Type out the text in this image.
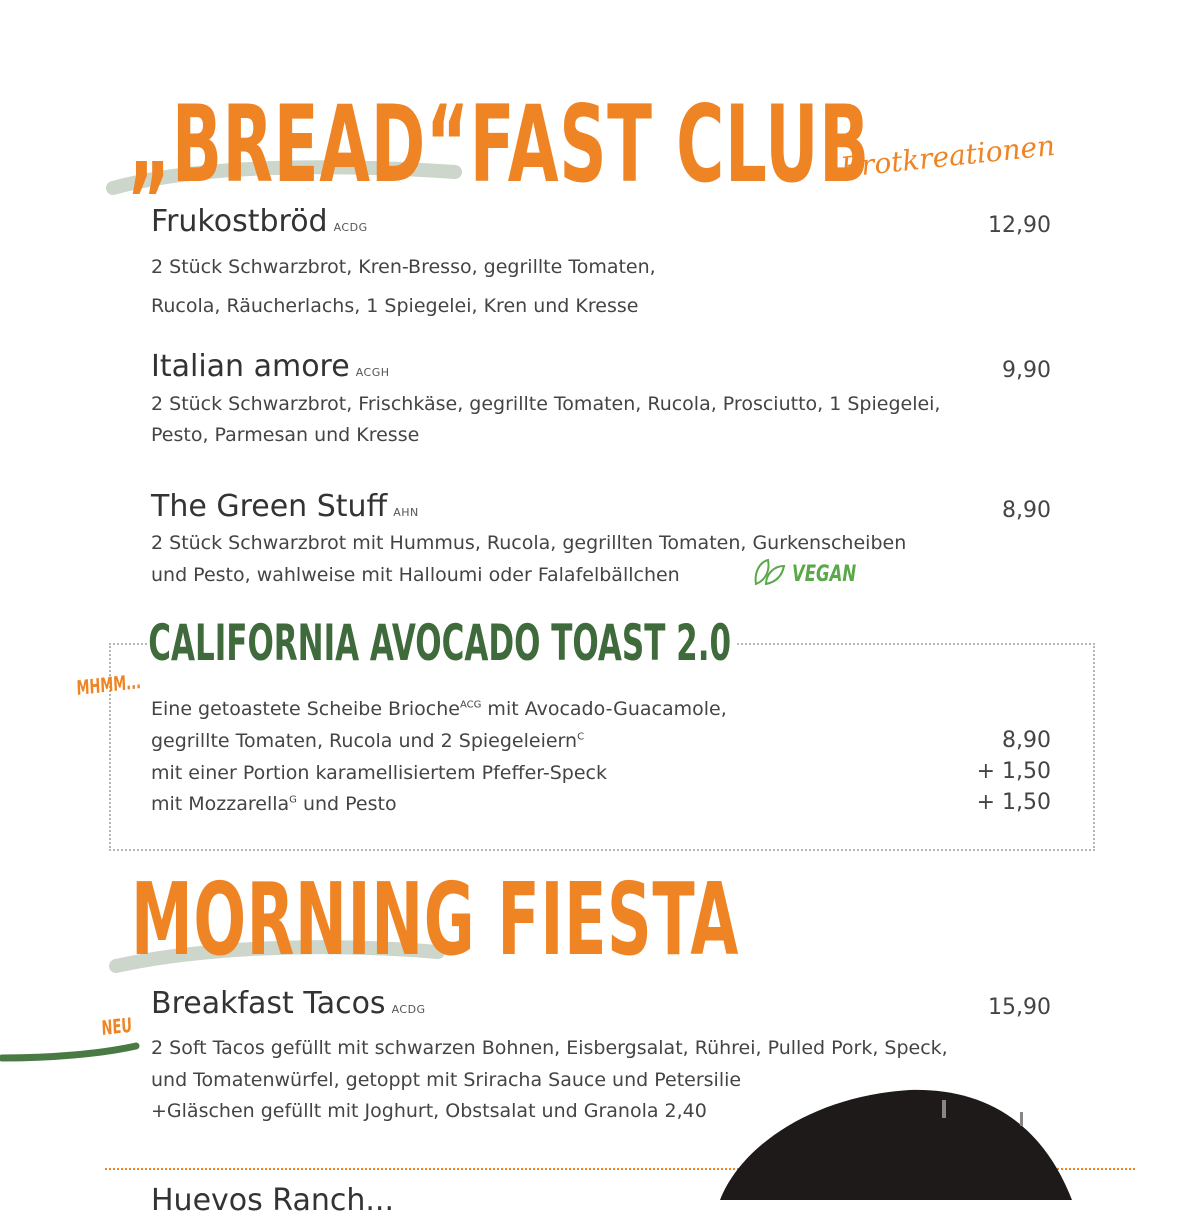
„BREAD“FAST CLUB
Brotkreationen
Frukostbröd ACDG	12,90
2 Stück Schwarzbrot, Kren-Bresso, gegrillte Tomaten,
Rucola, Räucherlachs, 1 Spiegelei, Kren und Kresse
Italian amore ACGH	9,90
2 Stück Schwarzbrot, Frischkäse, gegrillte Tomaten, Rucola, Prosciutto, 1 Spiegelei,
Pesto, Parmesan und Kresse
The Green Stuff AHN	8,90
2 Stück Schwarzbrot mit Hummus, Rucola, gegrillten Tomaten, Gurkenscheiben
und Pesto, wahlweise mit Halloumi oder Falafelbällchen	VEGAN
CALIFORNIA AVOCADO TOAST 2.0
MHMM...
Eine getoastete Scheibe Brioche$^{ACG}$ mit Avocado-Guacamole,
gegrillte Tomaten, Rucola und 2 Spiegeleiern$^C$	8,90
mit einer Portion karamellisiertem Pfeffer-Speck	+ 1,50
mit Mozzarella$^G$ und Pesto	+ 1,50
MORNING FIESTA
NEU
Breakfast Tacos ACDG	15,90
2 Soft Tacos gefüllt mit schwarzen Bohnen, Eisbergsalat, Rührei, Pulled Pork, Speck,
und Tomatenwürfel, getoppt mit Sriracha Sauce und Petersilie
+Gläschen gefüllt mit Joghurt, Obstsalat und Granola 2,40
Huevos Ranch...
